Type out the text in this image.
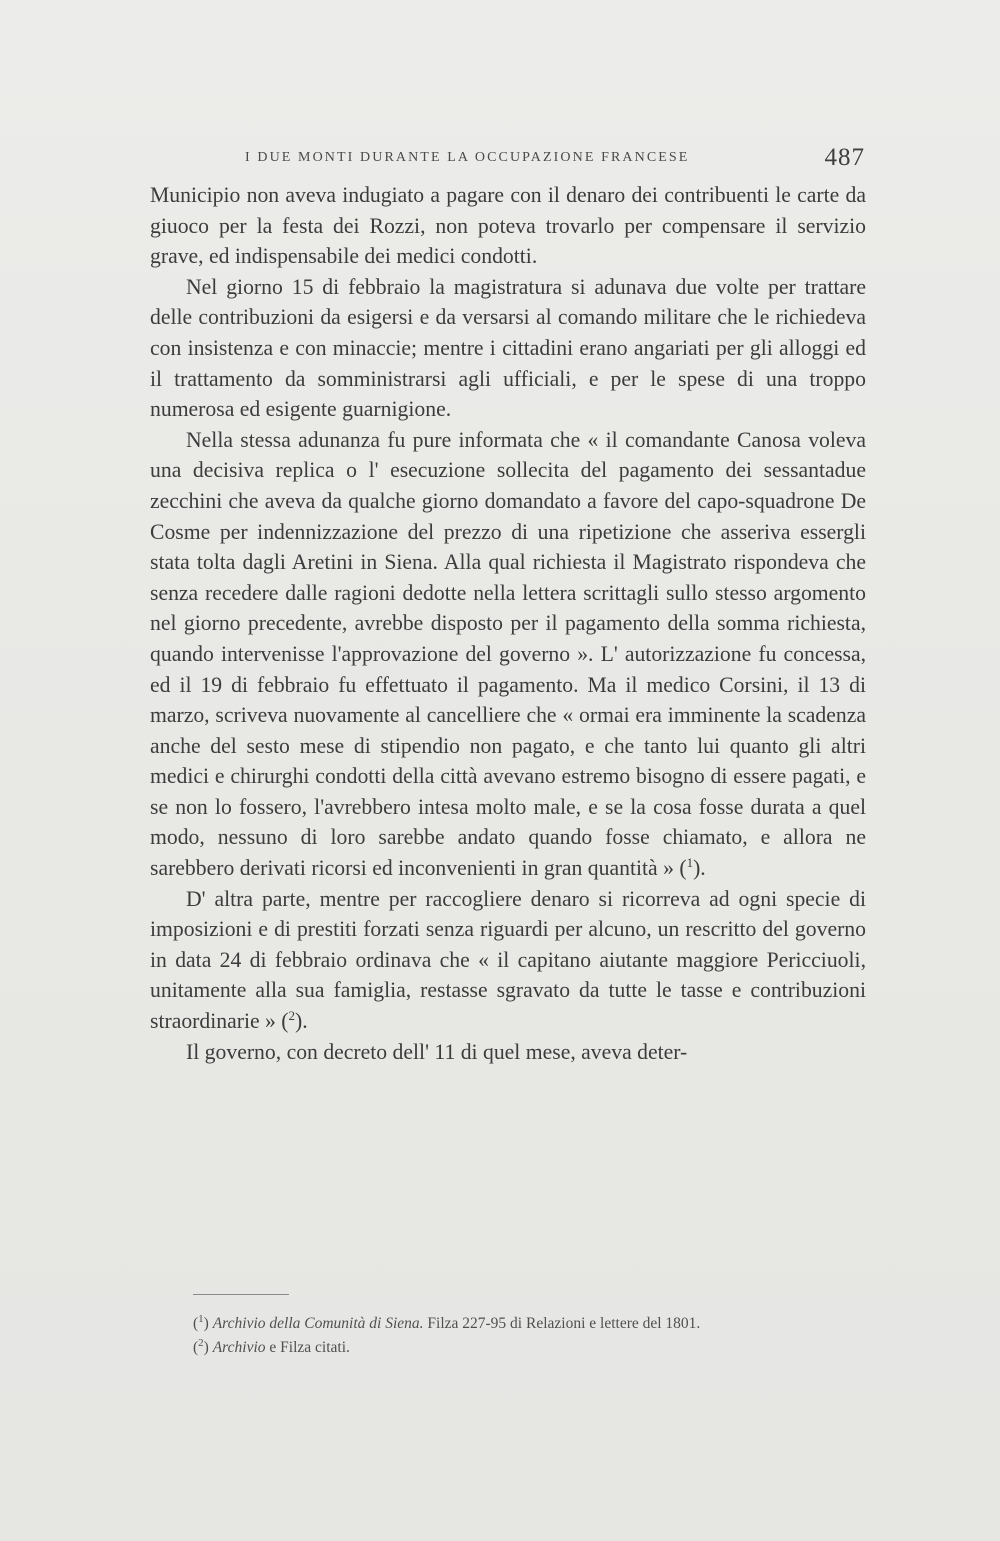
I DUE MONTI DURANTE LA OCCUPAZIONE FRANCESE	487

Municipio non aveva indugiato a pagare con il denaro dei contribuenti le carte da giuoco per la festa dei Rozzi, non poteva trovarlo per compensare il servizio grave, ed indispensabile dei medici condotti.

Nel giorno 15 di febbraio la magistratura si adunava due volte per trattare delle contribuzioni da esigersi e da versarsi al comando militare che le richiedeva con insistenza e con minaccie; mentre i cittadini erano angariati per gli alloggi ed il trattamento da somministrarsi agli ufficiali, e per le spese di una troppo numerosa ed esigente guarnigione.

Nella stessa adunanza fu pure informata che « il comandante Canosa voleva una decisiva replica o l' esecuzione sollecita del pagamento dei sessantadue zecchini che aveva da qualche giorno domandato a favore del capo-squadrone De Cosme per indennizzazione del prezzo di una ripetizione che asseriva essergli stata tolta dagli Aretini in Siena. Alla qual richiesta il Magistrato rispondeva che senza recedere dalle ragioni dedotte nella lettera scrittagli sullo stesso argomento nel giorno precedente, avrebbe disposto per il pagamento della somma richiesta, quando intervenisse l'approvazione del governo ». L' autorizzazione fu concessa, ed il 19 di febbraio fu effettuato il pagamento. Ma il medico Corsini, il 13 di marzo, scriveva nuovamente al cancelliere che « ormai era imminente la scadenza anche del sesto mese di stipendio non pagato, e che tanto lui quanto gli altri medici e chirurghi condotti della città avevano estremo bisogno di essere pagati, e se non lo fossero, l'avrebbero intesa molto male, e se la cosa fosse durata a quel modo, nessuno di loro sarebbe andato quando fosse chiamato, e allora ne sarebbero derivati ricorsi ed inconvenienti in gran quantità » ($^1$).

D' altra parte, mentre per raccogliere denaro si ricorreva ad ogni specie di imposizioni e di prestiti forzati senza riguardi per alcuno, un rescritto del governo in data 24 di febbraio ordinava che « il capitano aiutante maggiore Pericciuoli, unitamente alla sua famiglia, restasse sgravato da tutte le tasse e contribuzioni straordinarie » ($^2$).

Il governo, con decreto dell' 11 di quel mese, aveva deter-

($^1$) Archivio della Comunità di Siena. Filza 227-95 di Relazioni e lettere del 1801.

($^2$) Archivio e Filza citati.
